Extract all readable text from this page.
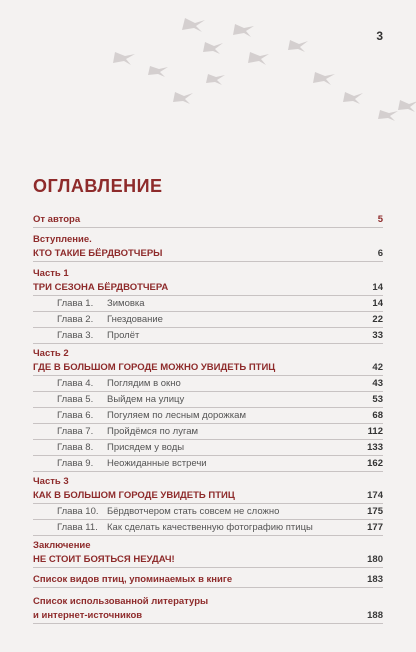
3
ОГЛАВЛЕНИЕ
От автора	5
Вступление.
КТО ТАКИЕ БЁРДВОТЧЕРЫ	6
Часть 1
ТРИ СЕЗОНА БЁРДВОТЧЕРА	14
Глава 1. Зимовка	14
Глава 2. Гнездование	22
Глава 3. Пролёт	33
Часть 2
ГДЕ В БОЛЬШОМ ГОРОДЕ МОЖНО УВИДЕТЬ ПТИЦ	42
Глава 4. Поглядим в окно	43
Глава 5. Выйдем на улицу	53
Глава 6. Погуляем по лесным дорожкам	68
Глава 7. Пройдёмся по лугам	112
Глава 8. Присядем у воды	133
Глава 9. Неожиданные встречи	162
Часть 3
КАК В БОЛЬШОМ ГОРОДЕ УВИДЕТЬ ПТИЦ	174
Глава 10. Бёрдвотчером стать совсем не сложно	175
Глава 11. Как сделать качественную фотографию птицы	177
Заключение
НЕ СТОИТ БОЯТЬСЯ НЕУДАЧ!	180
Список видов птиц, упоминаемых в книге	183
Список использованной литературы
и интернет-источников	188
